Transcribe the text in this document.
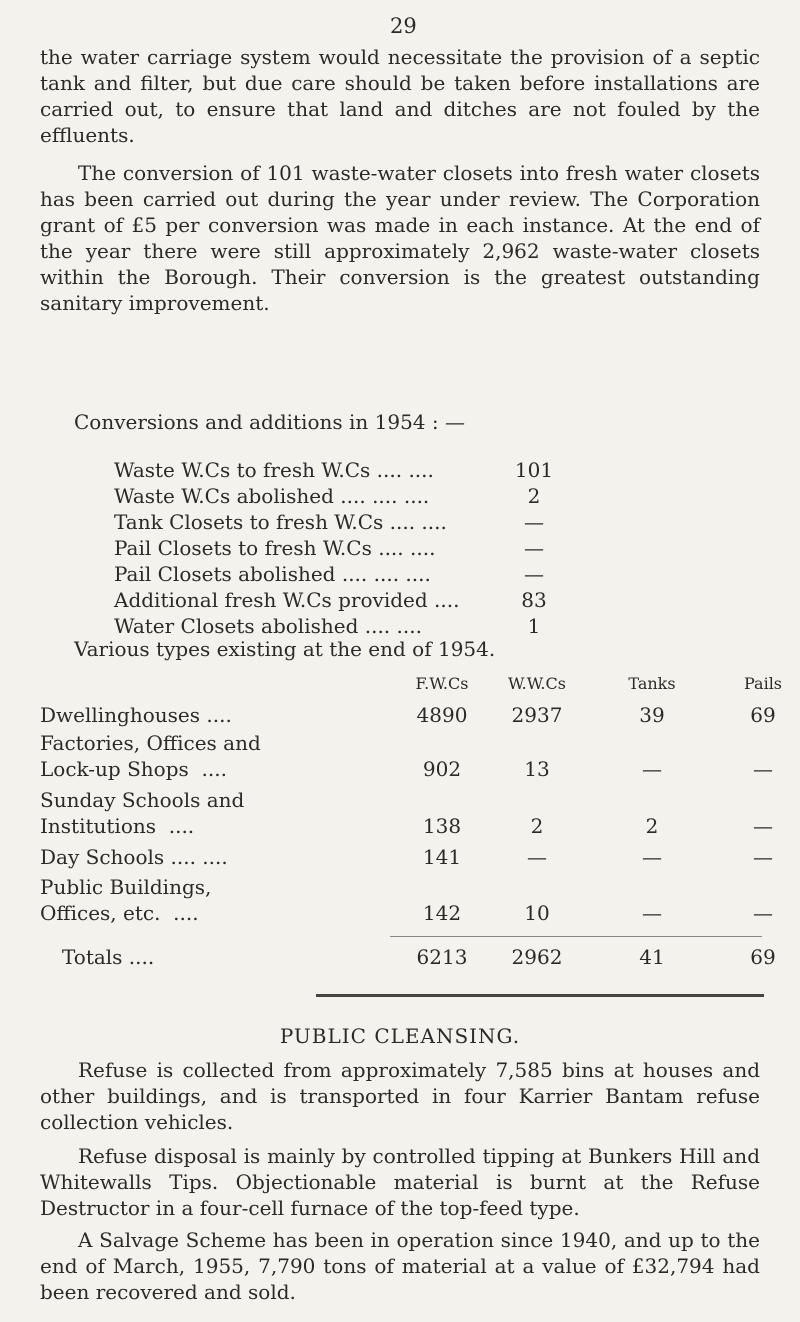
29

the water carriage system would necessitate the provision of a septic tank and filter, but due care should be taken before installations are carried out, to ensure that land and ditches are not fouled by the effluents.

The conversion of 101 waste-water closets into fresh water closets has been carried out during the year under review. The Corporation grant of £5 per conversion was made in each instance. At the end of the year there were still approximately 2,962 waste-water closets within the Borough. Their conversion is the greatest outstanding sanitary improvement.

Conversions and additions in 1954 : —
Waste W.Cs to fresh W.Cs .... ....	101
Waste W.Cs abolished .... .... ....	2
Tank Closets to fresh W.Cs .... ....	—
Pail Closets to fresh W.Cs .... ....	—
Pail Closets abolished .... .... ....	—
Additional fresh W.Cs provided ....	83
Water Closets abolished .... ....	1
Various types existing at the end of 1954.
F.W.Cs	W.W.Cs	Tanks	Pails
Dwellinghouses ....	4890	2937	39	69
Factories, Offices and
Lock-up Shops  ....	902	13	—	—
Sunday Schools and
Institutions  ....	138	2	2	—
Day Schools .... ....	141	—	—	—
Public Buildings,
Offices, etc.  ....	142	10	—	—
Totals ....	6213	2962	41	69
PUBLIC CLEANSING.

Refuse is collected from approximately 7,585 bins at houses and other buildings, and is transported in four Karrier Bantam refuse collection vehicles.

Refuse disposal is mainly by controlled tipping at Bunkers Hill and Whitewalls Tips. Objectionable material is burnt at the Refuse Destructor in a four-cell furnace of the top-feed type.

A Salvage Scheme has been in operation since 1940, and up to the end of March, 1955, 7,790 tons of material at a value of £32,794 had been recovered and sold.
